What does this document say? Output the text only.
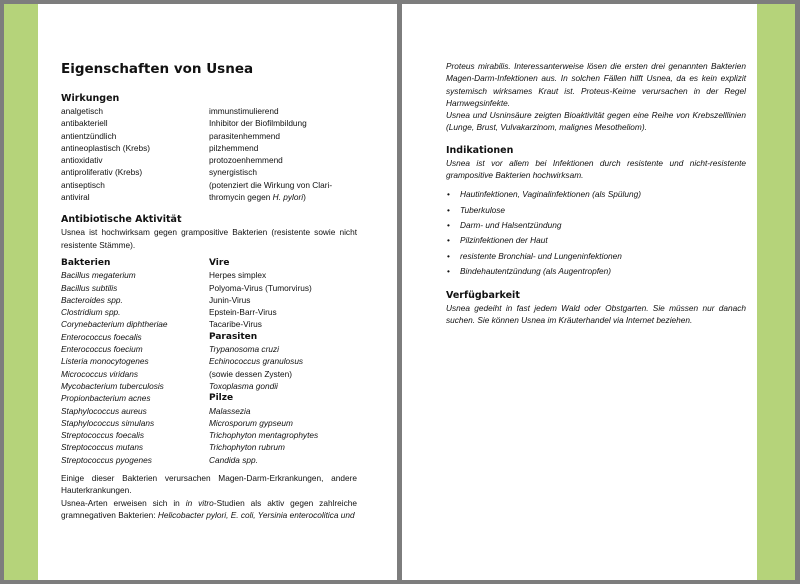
Eigenschaften von Usnea
Wirkungen
analgetisch
antibakteriell
antientzündlich
antineoplastisch (Krebs)
antioxidativ
antiproliferativ (Krebs)
antiseptisch
antiviral
immunstimulierend
Inhibitor der Biofilmbildung
parasitenhemmend
pilzhemmend
protozoenhemmend
synergistisch
(potenziert die Wirkung von Clari-
thromycin gegen H. pylori)
Antibiotische Aktivität

Usnea ist hochwirksam gegen grampositive Bakterien (resistente sowie nicht resistente Stämme).

Bakterien
Bacillus megaterium
Bacillus subtilis
Bacteroides spp.
Clostridium spp.
Corynebacterium diphtheriae
Enterococcus foecalis
Enterococcus foecium
Listeria monocytogenes
Micrococcus viridans
Mycobacterium tuberculosis
Propionbacterium acnes
Staphylococcus aureus
Staphylococcus simulans
Streptococcus foecalis
Streptococcus mutans
Streptococcus pyogenes
Vire
Herpes simplex
Polyoma-Virus (Tumorvirus)
Junin-Virus
Epstein-Barr-Virus
Tacaribe-Virus
Parasiten
Trypanosoma cruzi
Echinococcus granulosus
(sowie dessen Zysten)
Toxoplasma gondii
Pilze
Malassezia
Microsporum gypseum
Trichophyton mentagrophytes
Trichophyton rubrum
Candida spp.

Einige dieser Bakterien verursachen Magen-Darm-Erkrankungen, andere Hauterkrankungen.

Usnea-Arten erweisen sich in in vitro-Studien als aktiv gegen zahlreiche gramnegativen Bakterien: Helicobacter pylori, E. coli, Yersinia enterocolitica und

Proteus mirabilis. Interessanterweise lösen die ersten drei genannten Bakterien Magen-Darm-Infektionen aus. In solchen Fällen hilft Usnea, da es kein explizit systemisch wirksames Kraut ist. Proteus-Keime verursachen in der Regel Harnwegsinfekte.

Usnea und Usninsäure zeigten Bioaktivität gegen eine Reihe von Krebszelllinien (Lunge, Brust, Vulvakarzinom, malignes Mesotheliom).

Indikationen

Usnea ist vor allem bei Infektionen durch resistente und nicht-resistente grampositive Bakterien hochwirksam.

• Hautinfektionen, Vaginalinfektionen (als Spülung)
• Tuberkulose
• Darm- und Halsentzündung
• Pilzinfektionen der Haut
• resistente Bronchial- und Lungeninfektionen
• Bindehautentzündung (als Augentropfen)
Verfügbarkeit

Usnea gedeiht in fast jedem Wald oder Obstgarten. Sie müssen nur danach suchen. Sie können Usnea im Kräuterhandel via Internet beziehen.
